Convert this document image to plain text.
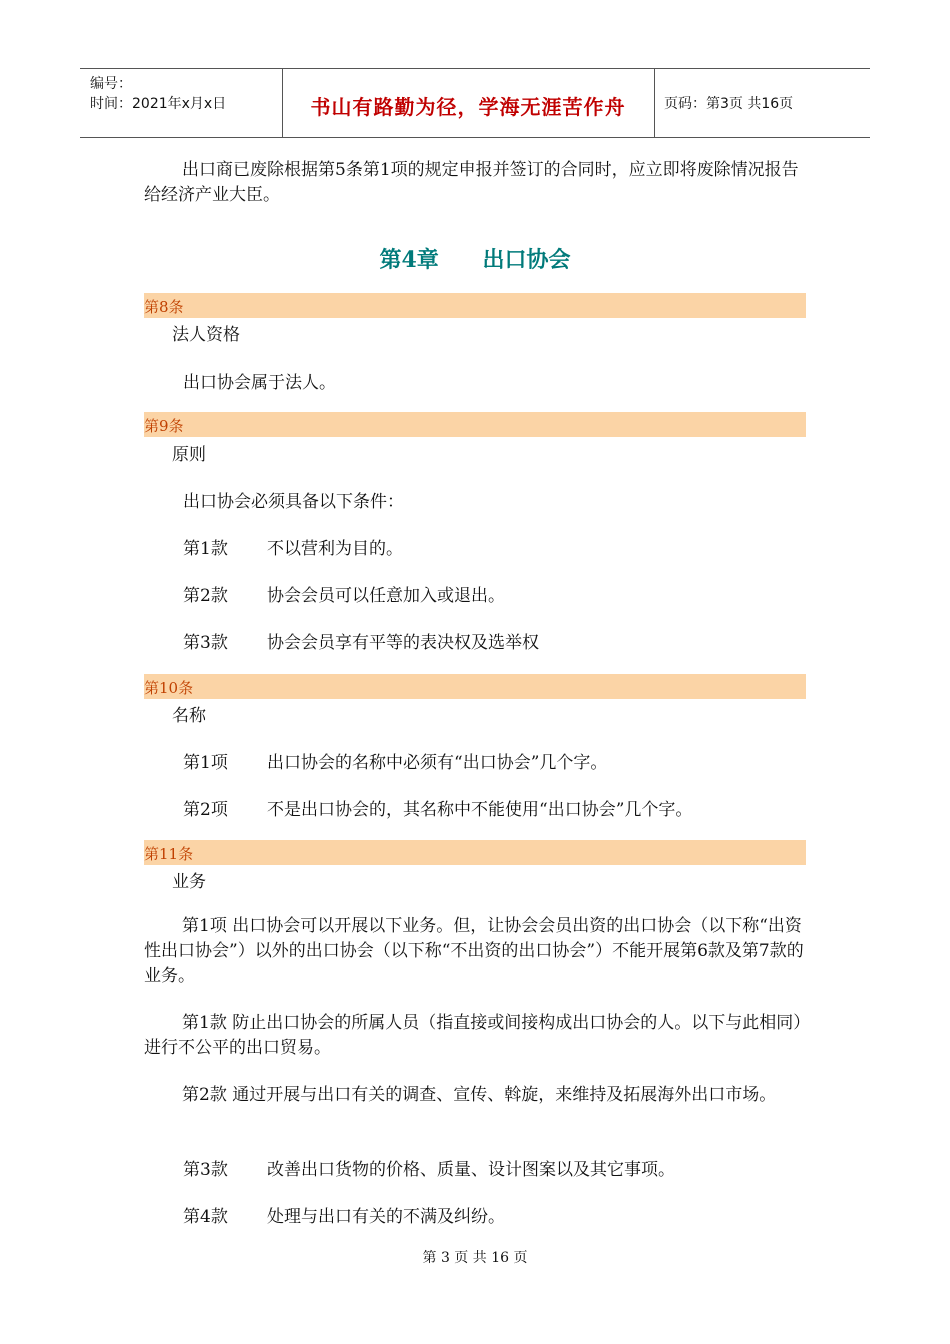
编号：
时间：2021年x月x日	书山有路勤为径，学海无涯苦作舟	页码：第3页 共16页
出口商已废除根据第5条第1项的规定申报并签订的合同时，应立即将废除情况报告给经济产业大臣。
第4章 出口协会
第8条
法人资格
出口协会属于法人。
第9条
原则
出口协会必须具备以下条件：
第1款 不以营利为目的。
第2款 协会会员可以任意加入或退出。
第3款 协会会员享有平等的表决权及选举权
第10条
名称
第1项 出口协会的名称中必须有“出口协会”几个字。
第2项 不是出口协会的，其名称中不能使用“出口协会”几个字。
第11条
业务
第1项 出口协会可以开展以下业务。但，让协会会员出资的出口协会（以下称“出资性出口协会”）以外的出口协会（以下称“不出资的出口协会”）不能开展第6款及第7款的业务。
第1款 防止出口协会的所属人员（指直接或间接构成出口协会的人。以下与此相同）进行不公平的出口贸易。
第2款 通过开展与出口有关的调查、宣传、斡旋，来维持及拓展海外出口市场。
第3款 改善出口货物的价格、质量、设计图案以及其它事项。
第4款 处理与出口有关的不满及纠纷。
第 3 页 共 16 页
